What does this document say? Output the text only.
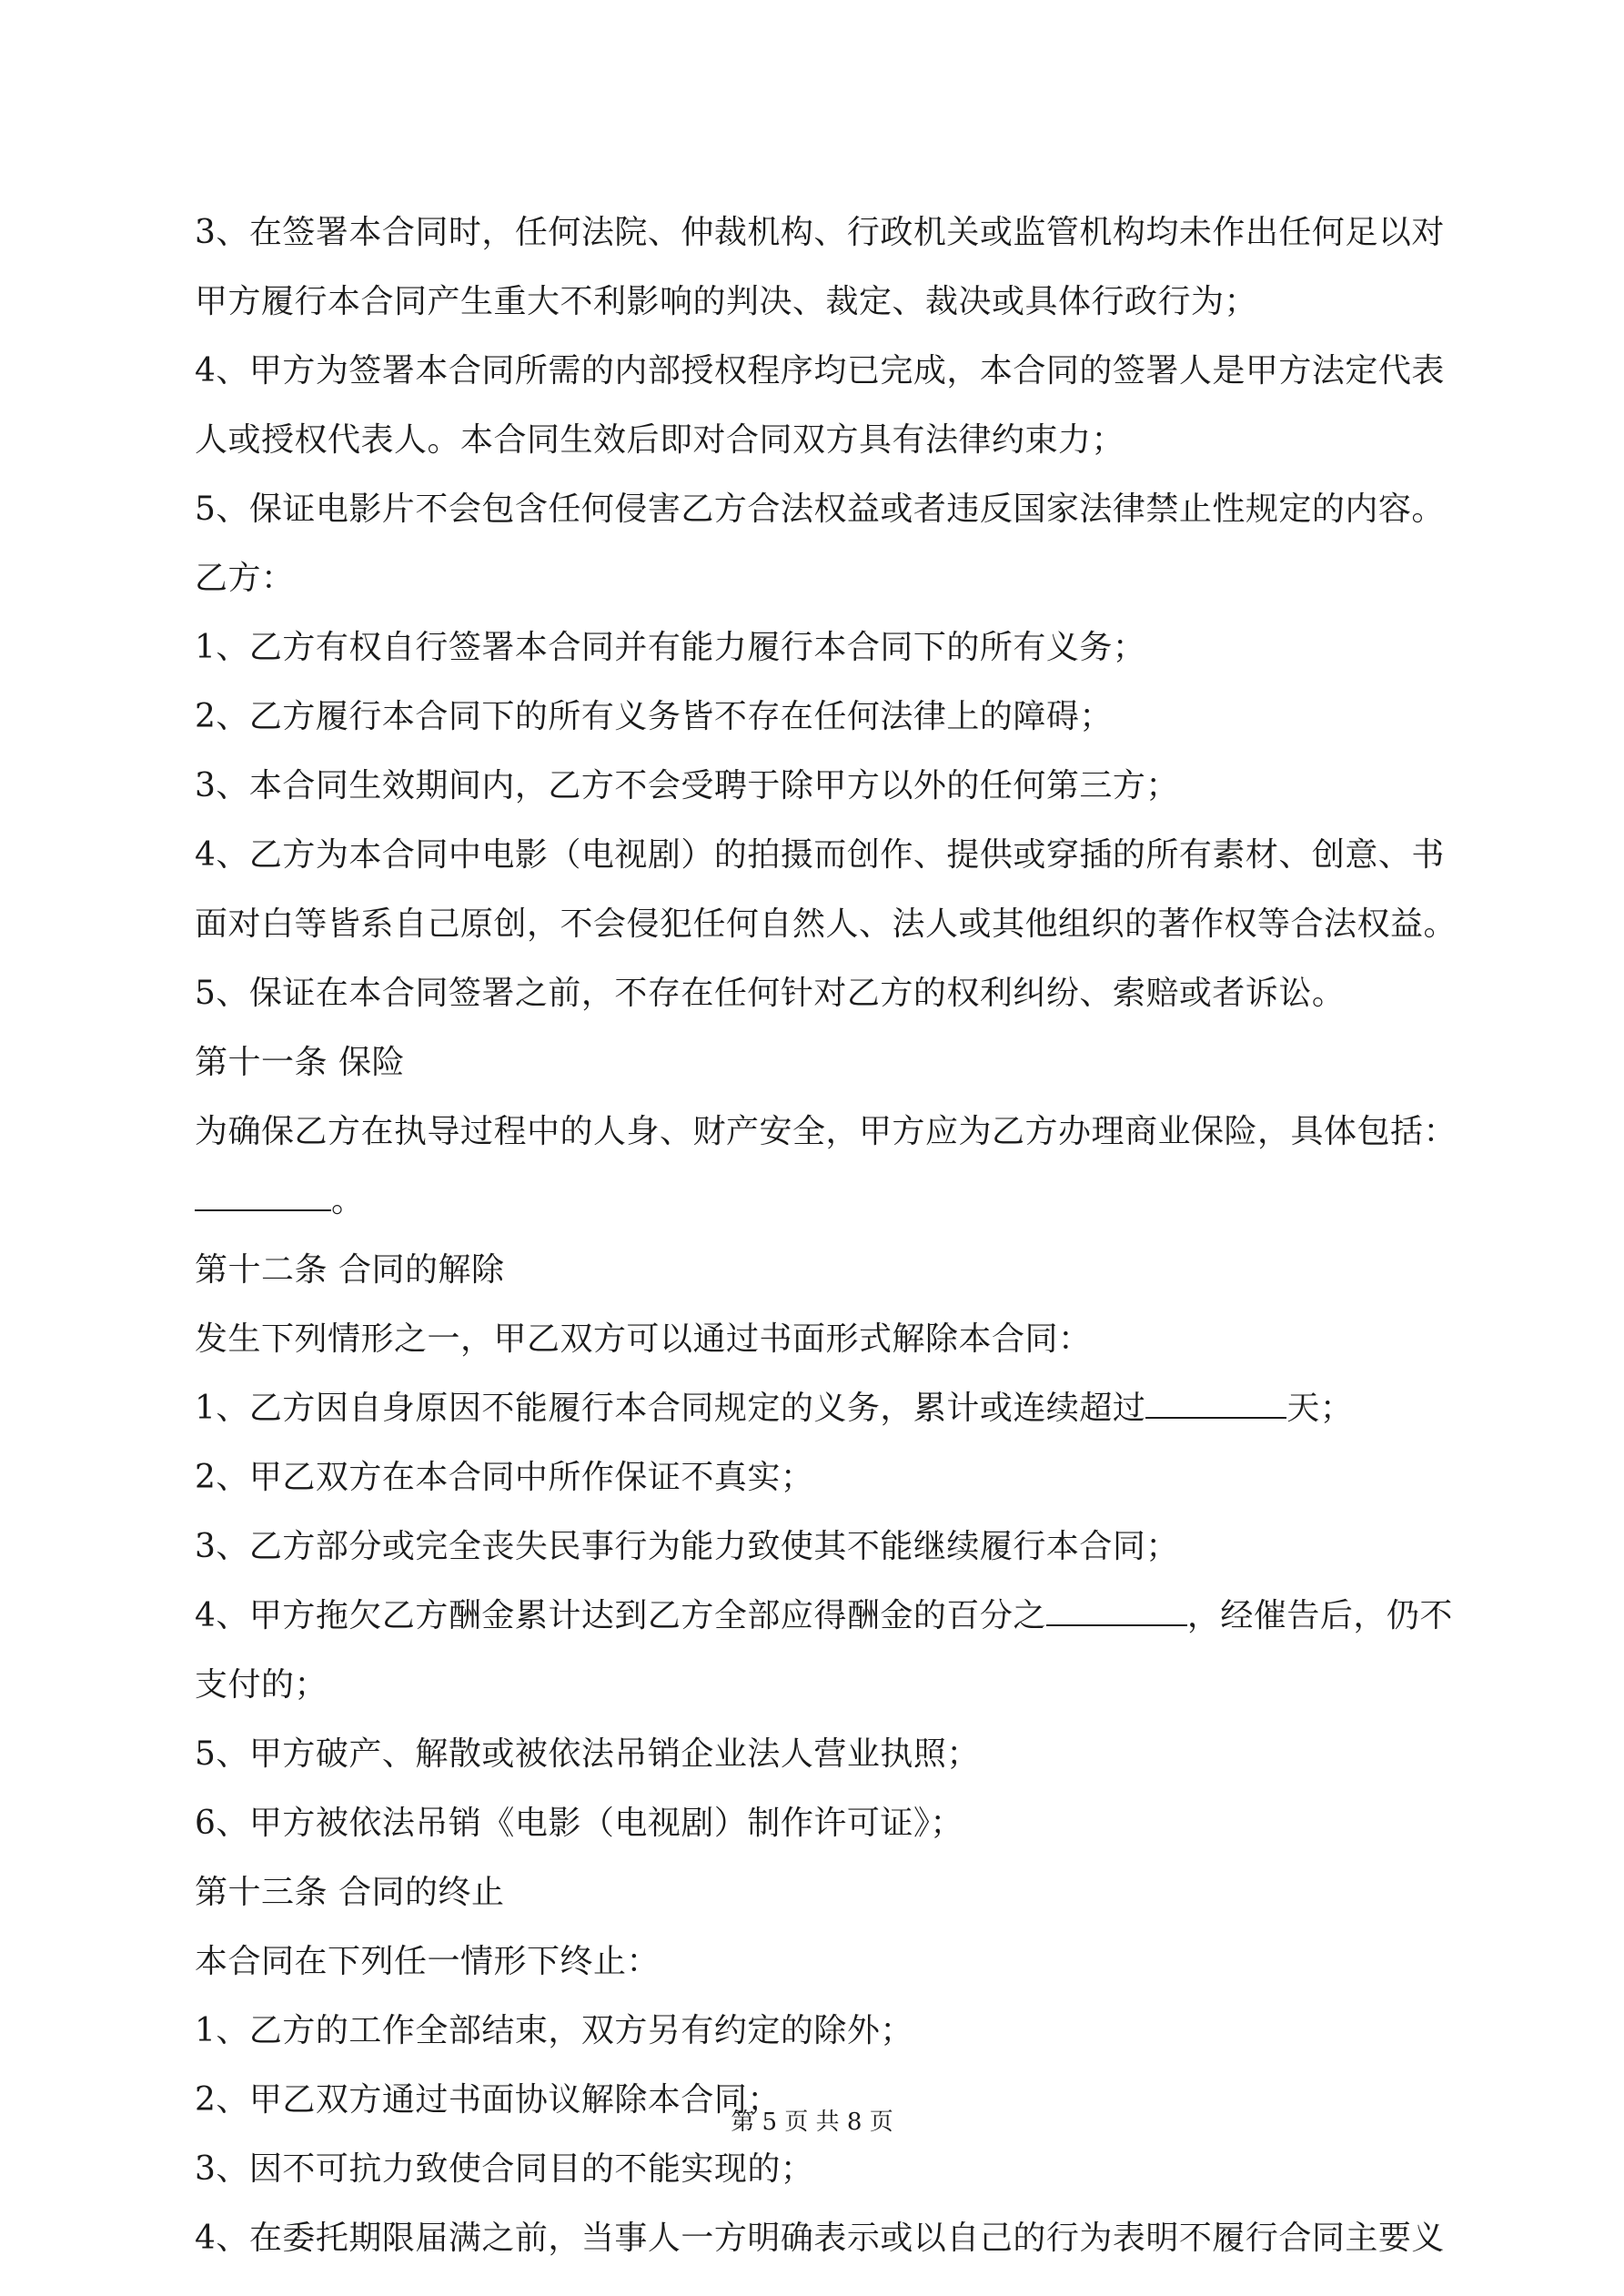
3、在签署本合同时，任何法院、仲裁机构、行政机关或监管机构均未作出任何足以对
甲方履行本合同产生重大不利影响的判决、裁定、裁决或具体行政行为；
4、甲方为签署本合同所需的内部授权程序均已完成，本合同的签署人是甲方法定代表
人或授权代表人。本合同生效后即对合同双方具有法律约束力；
5、保证电影片不会包含任何侵害乙方合法权益或者违反国家法律禁止性规定的内容。
乙方：
1、乙方有权自行签署本合同并有能力履行本合同下的所有义务；
2、乙方履行本合同下的所有义务皆不存在任何法律上的障碍；
3、本合同生效期间内，乙方不会受聘于除甲方以外的任何第三方；
4、乙方为本合同中电影（电视剧）的拍摄而创作、提供或穿插的所有素材、创意、书
面对白等皆系自己原创，不会侵犯任何自然人、法人或其他组织的著作权等合法权益。
5、保证在本合同签署之前，不存在任何针对乙方的权利纠纷、索赔或者诉讼。
第十一条 保险
为确保乙方在执导过程中的人身、财产安全，甲方应为乙方办理商业保险，具体包括：
。
第十二条 合同的解除
发生下列情形之一，甲乙双方可以通过书面形式解除本合同：
1、乙方因自身原因不能履行本合同规定的义务，累计或连续超过	天；
2、甲乙双方在本合同中所作保证不真实；
3、乙方部分或完全丧失民事行为能力致使其不能继续履行本合同；
4、甲方拖欠乙方酬金累计达到乙方全部应得酬金的百分之	，经催告后，仍不
支付的；
5、甲方破产、解散或被依法吊销企业法人营业执照；
6、甲方被依法吊销《电影（电视剧）制作许可证》；
第十三条 合同的终止
本合同在下列任一情形下终止：
1、乙方的工作全部结束，双方另有约定的除外；
2、甲乙双方通过书面协议解除本合同；
3、因不可抗力致使合同目的不能实现的；
4、在委托期限届满之前，当事人一方明确表示或以自己的行为表明不履行合同主要义
第 5 页 共 8 页
